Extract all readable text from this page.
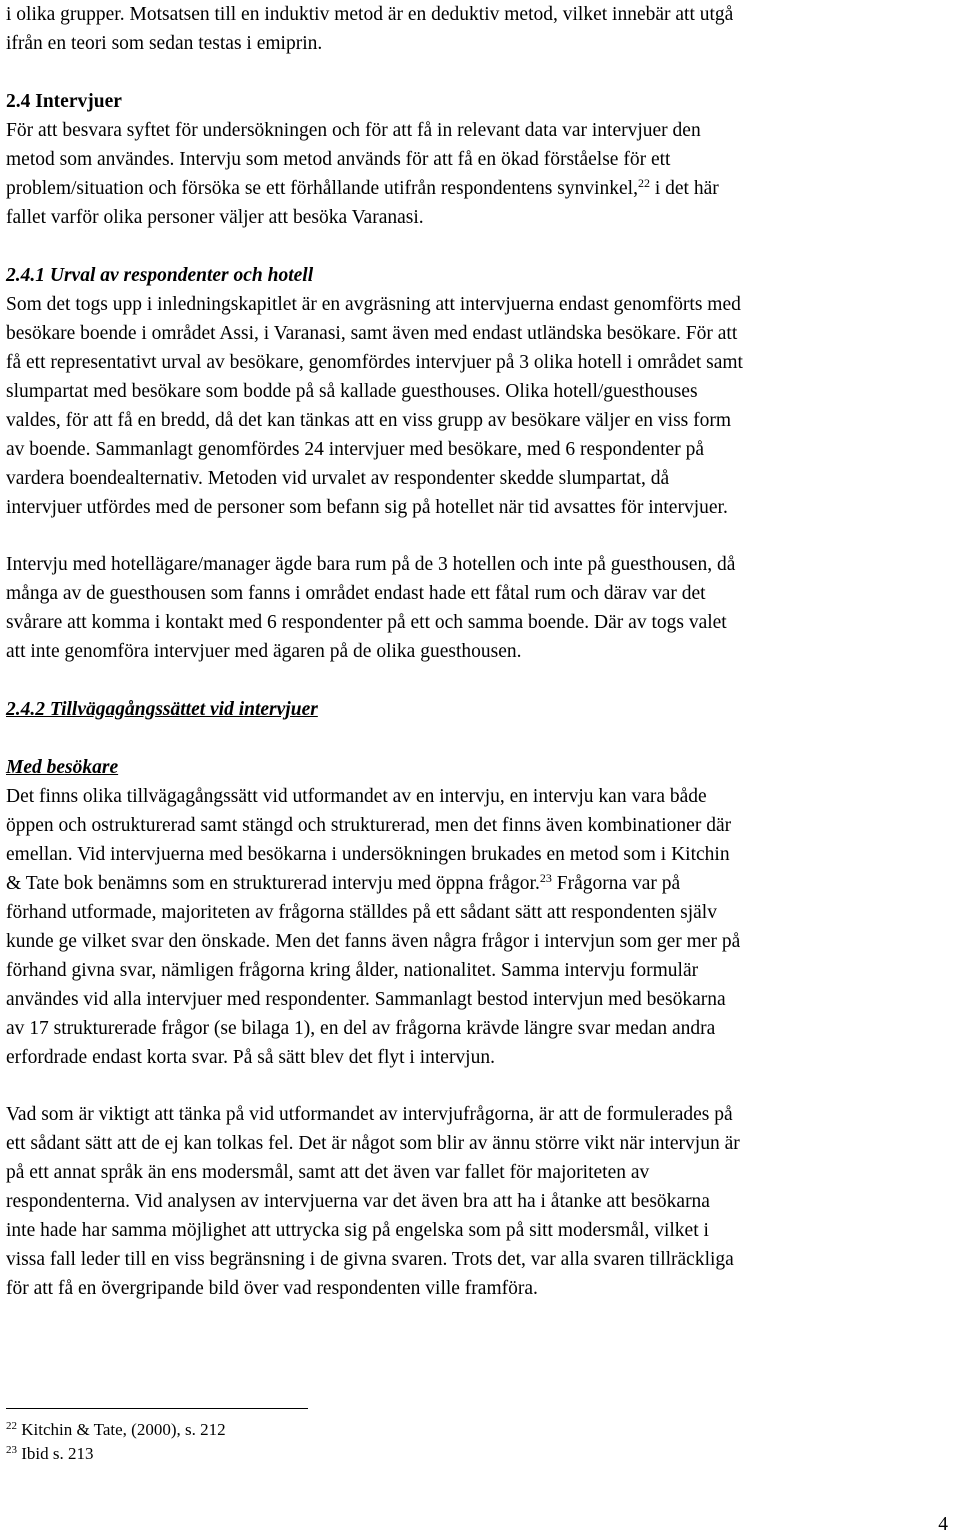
i olika grupper. Motsatsen till en induktiv metod är en deduktiv metod, vilket innebär att utgå
ifrån en teori som sedan testas i emiprin.
2.4 Intervjuer
För att besvara syftet för undersökningen och för att få in relevant data var intervjuer den
metod som användes. Intervju som metod används för att få en ökad förståelse för ett
problem/situation och försöka se ett förhållande utifrån respondentens synvinkel,$^{22}$ i det här
fallet varför olika personer väljer att besöka Varanasi.
2.4.1 Urval av respondenter och hotell
Som det togs upp i inledningskapitlet är en avgräsning att intervjuerna endast genomförts med
besökare boende i området Assi, i Varanasi, samt även med endast utländska besökare. För att
få ett representativt urval av besökare, genomfördes intervjuer på 3 olika hotell i området samt
slumpartat med besökare som bodde på så kallade guesthouses. Olika hotell/guesthouses
valdes, för att få en bredd, då det kan tänkas att en viss grupp av besökare väljer en viss form
av boende. Sammanlagt genomfördes 24 intervjuer med besökare, med 6 respondenter på
vardera boendealternativ. Metoden vid urvalet av respondenter skedde slumpartat, då
intervjuer utfördes med de personer som befann sig på hotellet när tid avsattes för intervjuer.
Intervju med hotellägare/manager ägde bara rum på de 3 hotellen och inte på guesthousen, då
många av de guesthousen som fanns i området endast hade ett fåtal rum och därav var det
svårare att komma i kontakt med 6 respondenter på ett och samma boende. Där av togs valet
att inte genomföra intervjuer med ägaren på de olika guesthousen.
2.4.2 Tillvägagångssättet vid intervjuer
Med besökare
Det finns olika tillvägagångssätt vid utformandet av en intervju, en intervju kan vara både
öppen och ostrukturerad samt stängd och strukturerad, men det finns även kombinationer där
emellan. Vid intervjuerna med besökarna i undersökningen brukades en metod som i Kitchin
& Tate bok benämns som en strukturerad intervju med öppna frågor.$^{23}$ Frågorna var på
förhand utformade, majoriteten av frågorna ställdes på ett sådant sätt att respondenten själv
kunde ge vilket svar den önskade. Men det fanns även några frågor i intervjun som ger mer på
förhand givna svar, nämligen frågorna kring ålder, nationalitet. Samma intervju formulär
användes vid alla intervjuer med respondenter. Sammanlagt bestod intervjun med besökarna
av 17 strukturerade frågor (se bilaga 1), en del av frågorna krävde längre svar medan andra
erfordrade endast korta svar. På så sätt blev det flyt i intervjun.
Vad som är viktigt att tänka på vid utformandet av intervjufrågorna, är att de formulerades på
ett sådant sätt att de ej kan tolkas fel. Det är något som blir av ännu större vikt när intervjun är
på ett annat språk än ens modersmål, samt att det även var fallet för majoriteten av
respondenterna. Vid analysen av intervjuerna var det även bra att ha i åtanke att besökarna
inte hade har samma möjlighet att uttrycka sig på engelska som på sitt modersmål, vilket i
vissa fall leder till en viss begränsning i de givna svaren. Trots det, var alla svaren tillräckliga
för att få en övergripande bild över vad respondenten ville framföra.
$^{22}$ Kitchin & Tate, (2000), s. 212
$^{23}$ Ibid s. 213
4
